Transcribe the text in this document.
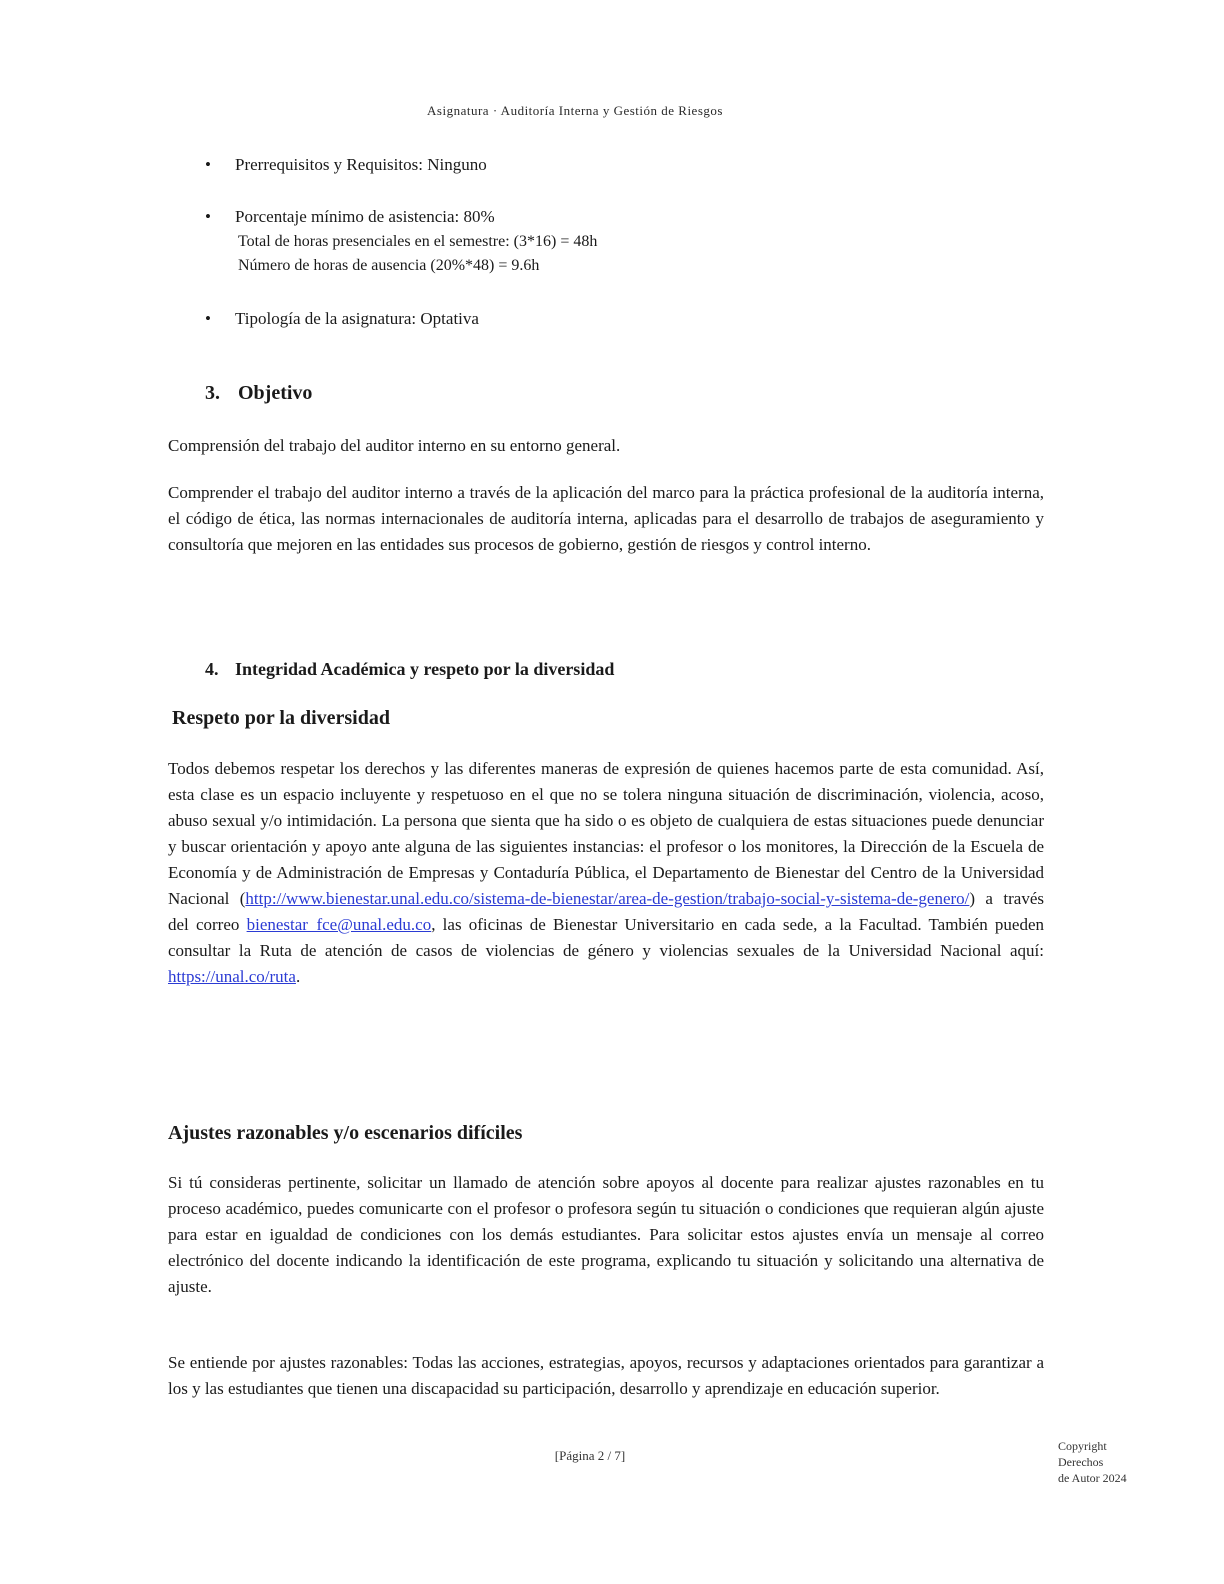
Asignatura · Auditoría Interna y Gestión de Riesgos
• Prerrequisitos y Requisitos: Ninguno
• Porcentaje mínimo de asistencia: 80%
Total de horas presenciales en el semestre: (3*16) = 48h
Número de horas de ausencia (20%*48) = 9.6h
• Tipología de la asignatura: Optativa
3. Objetivo

Comprensión del trabajo del auditor interno en su entorno general.

Comprender el trabajo del auditor interno a través de la aplicación del marco para la práctica profesional de la auditoría interna, el código de ética, las normas internacionales de auditoría interna, aplicadas para el desarrollo de trabajos de aseguramiento y consultoría que mejoren en las entidades sus procesos de gobierno, gestión de riesgos y control interno.

4. Integridad Académica y respeto por la diversidad
Respeto por la diversidad

Todos debemos respetar los derechos y las diferentes maneras de expresión de quienes hacemos parte de esta comunidad. Así, esta clase es un espacio incluyente y respetuoso en el que no se tolera ninguna situación de discriminación, violencia, acoso, abuso sexual y/o intimidación. La persona que sienta que ha sido o es objeto de cualquiera de estas situaciones puede denunciar y buscar orientación y apoyo ante alguna de las siguientes instancias: el profesor o los monitores, la Dirección de la Escuela de Economía y de Administración de Empresas y Contaduría Pública, el Departamento de Bienestar del Centro de la Universidad Nacional (http://www.bienestar.unal.edu.co/sistema-de-bienestar/area-de-gestion/trabajo-social-y-sistema-de-genero/) a través del correo bienestar_fce@unal.edu.co, las oficinas de Bienestar Universitario en cada sede, a la Facultad. También pueden consultar la Ruta de atención de casos de violencias de género y violencias sexuales de la Universidad Nacional aquí: https://unal.co/ruta.

Ajustes razonables y/o escenarios difíciles

Si tú consideras pertinente, solicitar un llamado de atención sobre apoyos al docente para realizar ajustes razonables en tu proceso académico, puedes comunicarte con el profesor o profesora según tu situación o condiciones que requieran algún ajuste para estar en igualdad de condiciones con los demás estudiantes. Para solicitar estos ajustes envía un mensaje al correo electrónico del docente indicando la identificación de este programa, explicando tu situación y solicitando una alternativa de ajuste.

Se entiende por ajustes razonables: Todas las acciones, estrategias, apoyos, recursos y adaptaciones orientados para garantizar a los y las estudiantes que tienen una discapacidad su participación, desarrollo y aprendizaje en educación superior.

[Página 2 / 7]
Copyright
Derechos
de Autor 2024
